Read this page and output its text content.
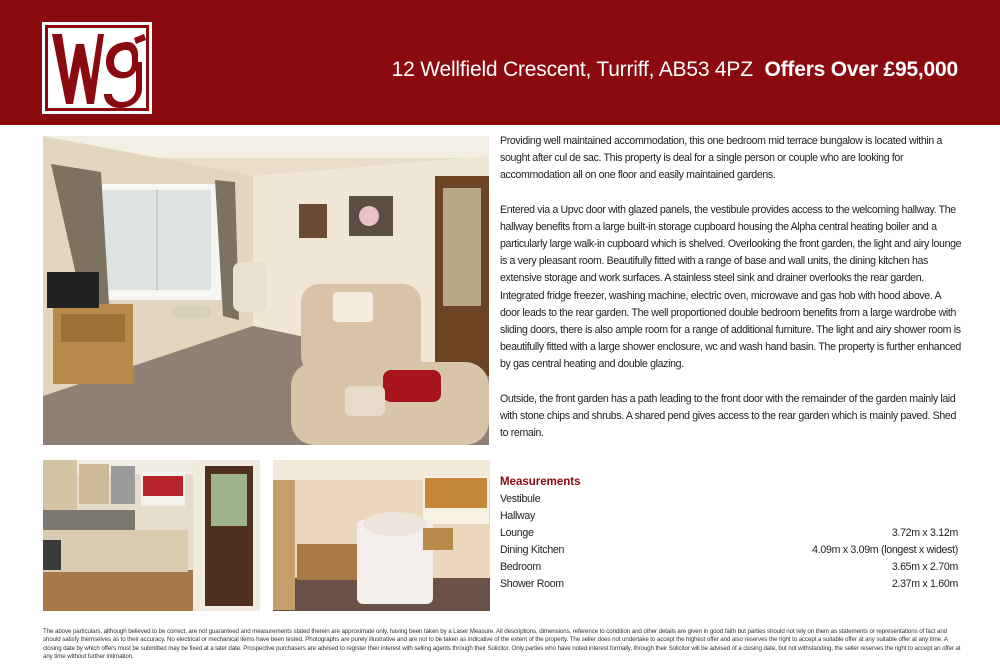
12 Wellfield Crescent, Turriff, AB53 4PZ Offers Over £95,000

Providing well maintained accommodation, this one bedroom mid terrace bungalow is located within a sought after cul de sac. This property is deal for a single person or couple who are looking for accommodation all on one floor and easily maintained gardens.

Entered via a Upvc door with glazed panels, the vestibule provides access to the welcoming hallway. The hallway benefits from a large built-in storage cupboard housing the Alpha central heating boiler and a particularly large walk-in cupboard which is shelved. Overlooking the front garden, the light and airy lounge is a very pleasant room. Beautifully fitted with a range of base and wall units, the dining kitchen has extensive storage and work surfaces. A stainless steel sink and drainer overlooks the rear garden. Integrated fridge freezer, washing machine, electric oven, microwave and gas hob with hood above. A door leads to the rear garden. The well proportioned double bedroom benefits from a large wardrobe with sliding doors, there is also ample room for a range of additional furniture. The light and airy shower room is beautifully fitted with a large shower enclosure, wc and wash hand basin. The property is further enhanced by gas central heating and double glazing.

Outside, the front garden has a path leading to the front door with the remainder of the garden mainly laid with stone chips and shrubs. A shared pend gives access to the rear garden which is mainly paved. Shed to remain.

Measurements
Vestibule
Hallway
Lounge	3.72m x 3.12m
Dining Kitchen	4.09m x 3.09m (longest x widest)
Bedroom	3.65m x 2.70m
Shower Room	2.37m x 1.60m
The above particulars, although believed to be correct, are not guaranteed and measurements stated therein are approximate only, having been taken by a Laser Measure. All descriptions, dimensions, reference to condition and other details are given in good faith but parties should not rely on them as statements or representations of fact and should satisfy themselves as to their accuracy. No electrical or mechanical items have been tested. Photographs are purely illustrative and are not to be taken as indicative of the extent of the property. The seller does not undertake to accept the highest offer and also reserves the right to accept a suitable offer at any suitable offer at any time. A closing date by which offers must be submitted may be fixed at a later date. Prospective purchasers are advised to register their interest with selling agents through their Solicitor. Only parties who have noted interest formally, through their Solicitor will be advised of a closing date, but not withstanding, the seller reserves the right to accept an offer at any time without further intimation.
